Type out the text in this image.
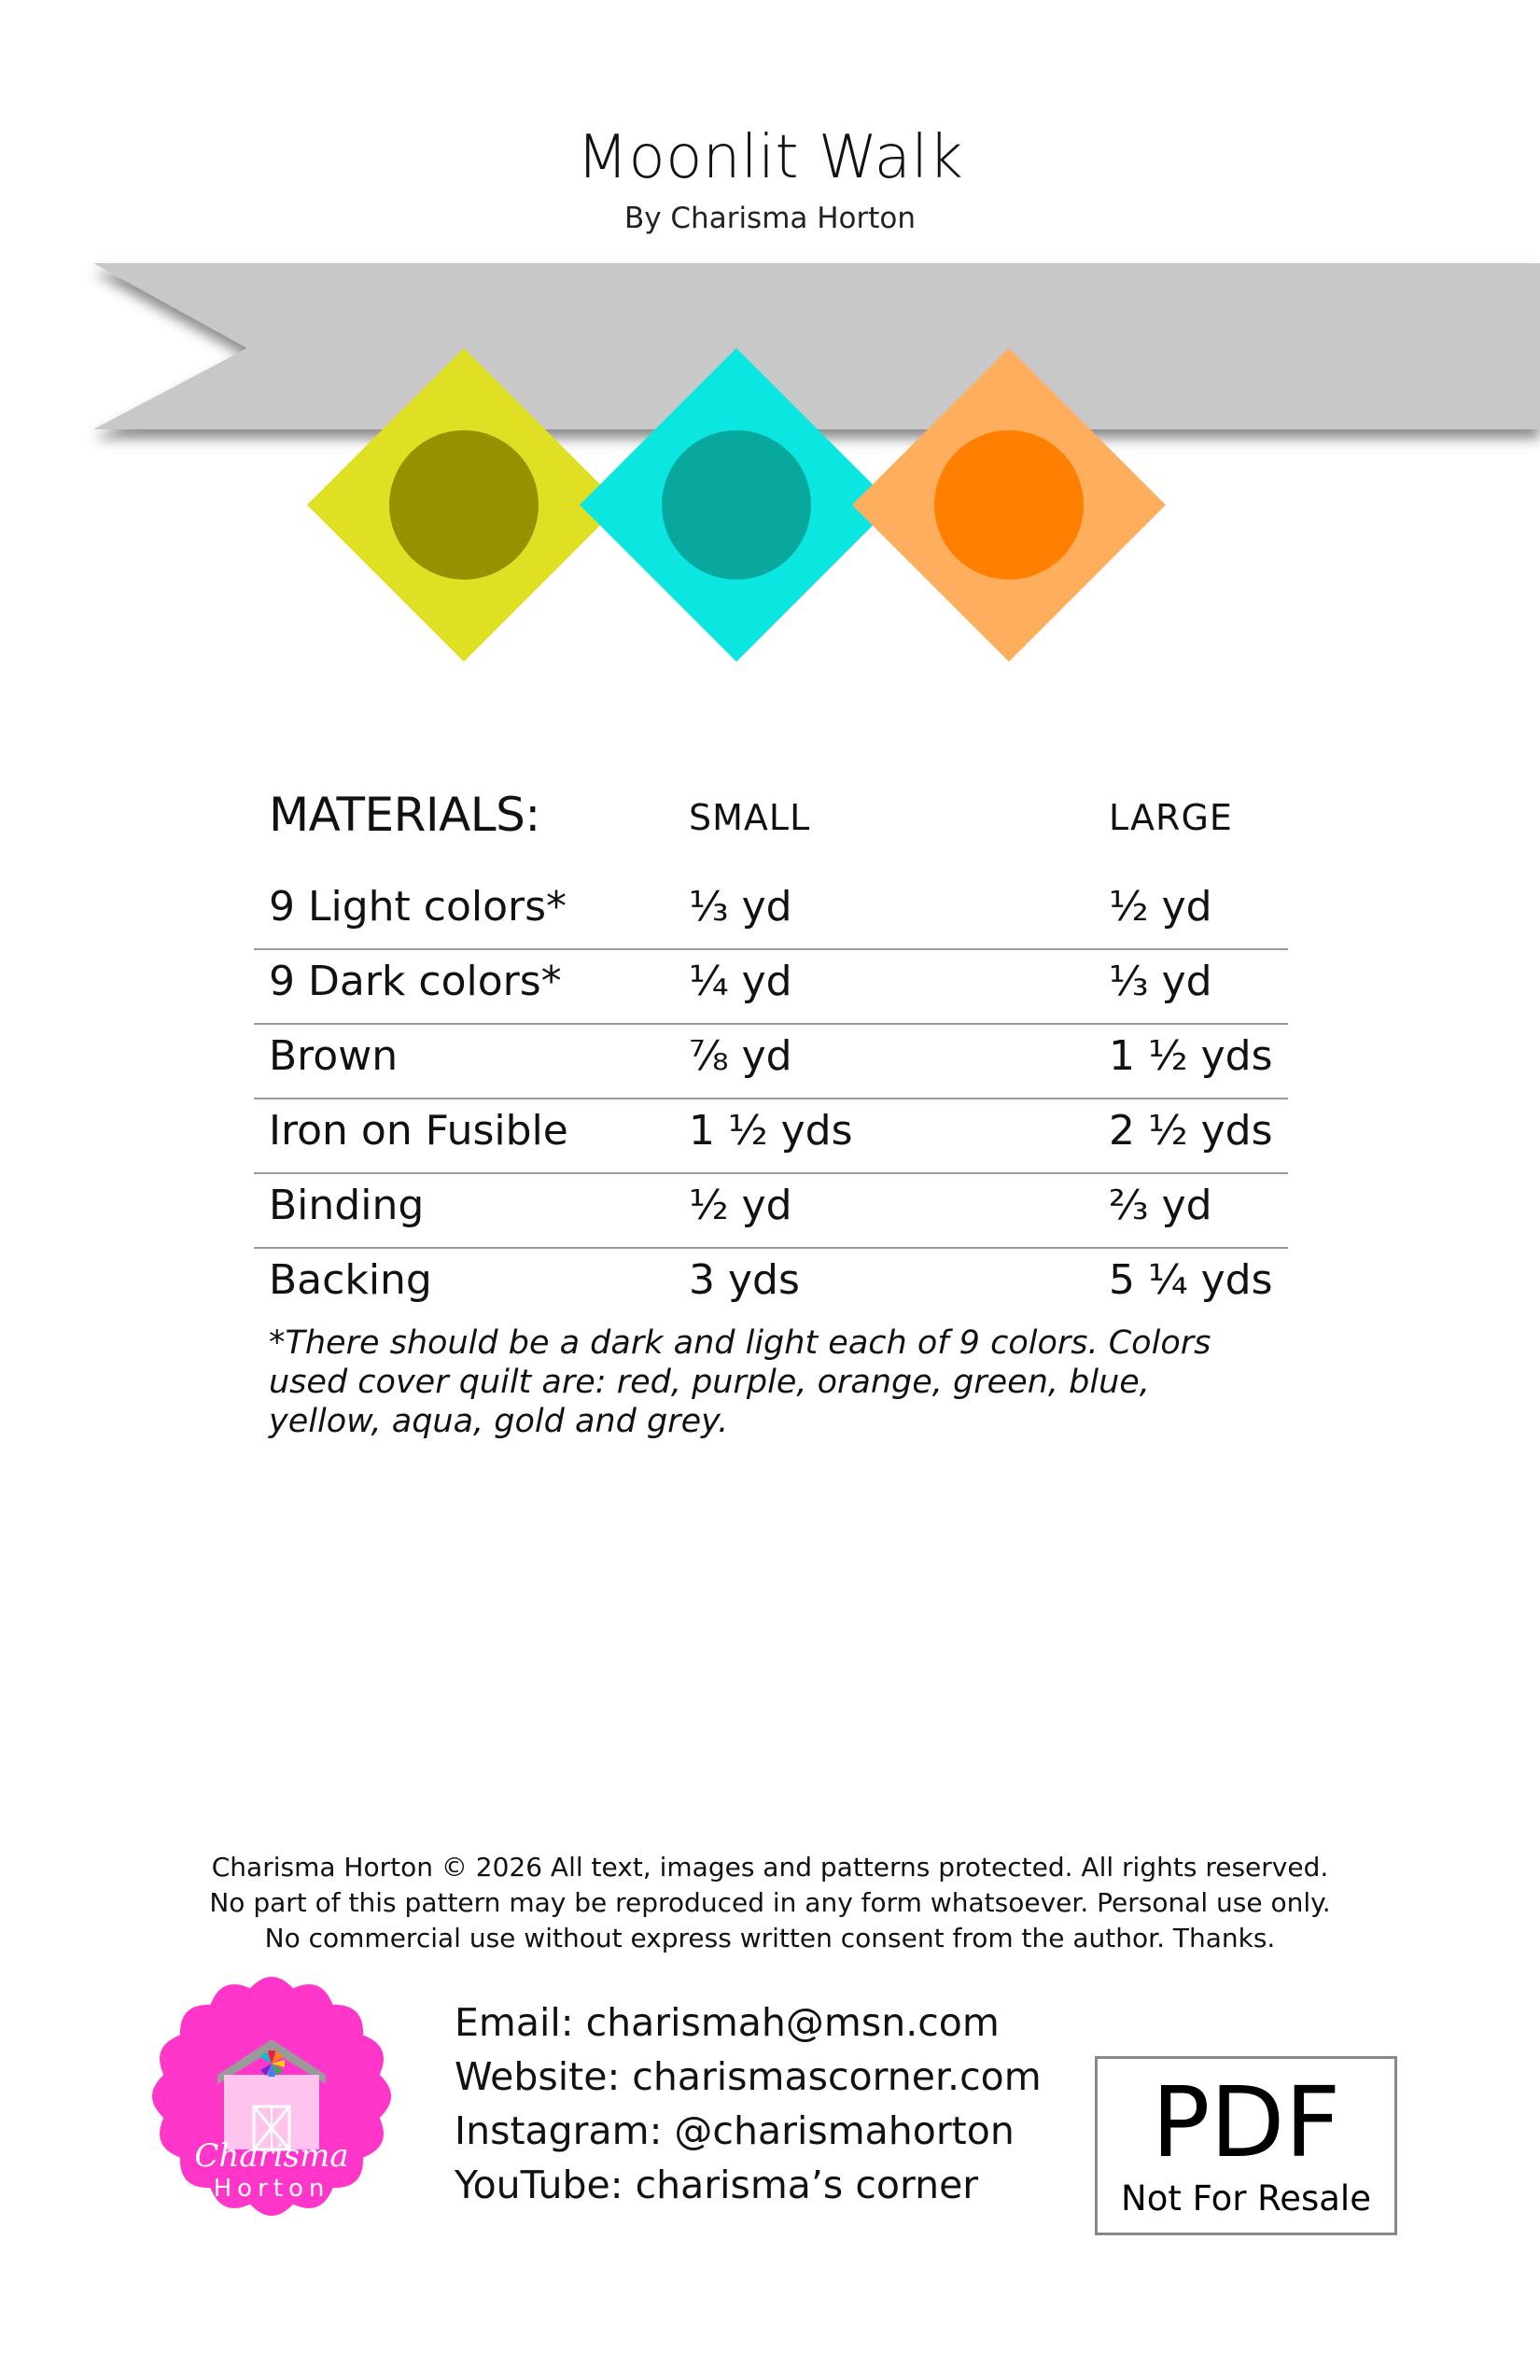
Moonlit Walk
By Charisma Horton
MATERIALS:	SMALL	LARGE
9 Light colors*	⅓ yd	½ yd
9 Dark colors*	¼ yd	⅓ yd
Brown	⅞ yd	1 ½ yds
Iron on Fusible	1 ½ yds	2 ½ yds
Binding	½ yd	⅔ yd
Backing	3 yds	5 ¼ yds
*There should be a dark and light each of 9 colors. Colors
used cover quilt are: red, purple, orange, green, blue,
yellow, aqua, gold and grey.
Charisma Horton © 2026 All text, images and patterns protected. All rights reserved.
No part of this pattern may be reproduced in any form whatsoever. Personal use only.
No commercial use without express written consent from the author. Thanks.
Charisma
Horton
Email: charismah@msn.com
Website: charismascorner.com
Instagram: @charismahorton
YouTube: charisma’s corner
PDF
Not For Resale
